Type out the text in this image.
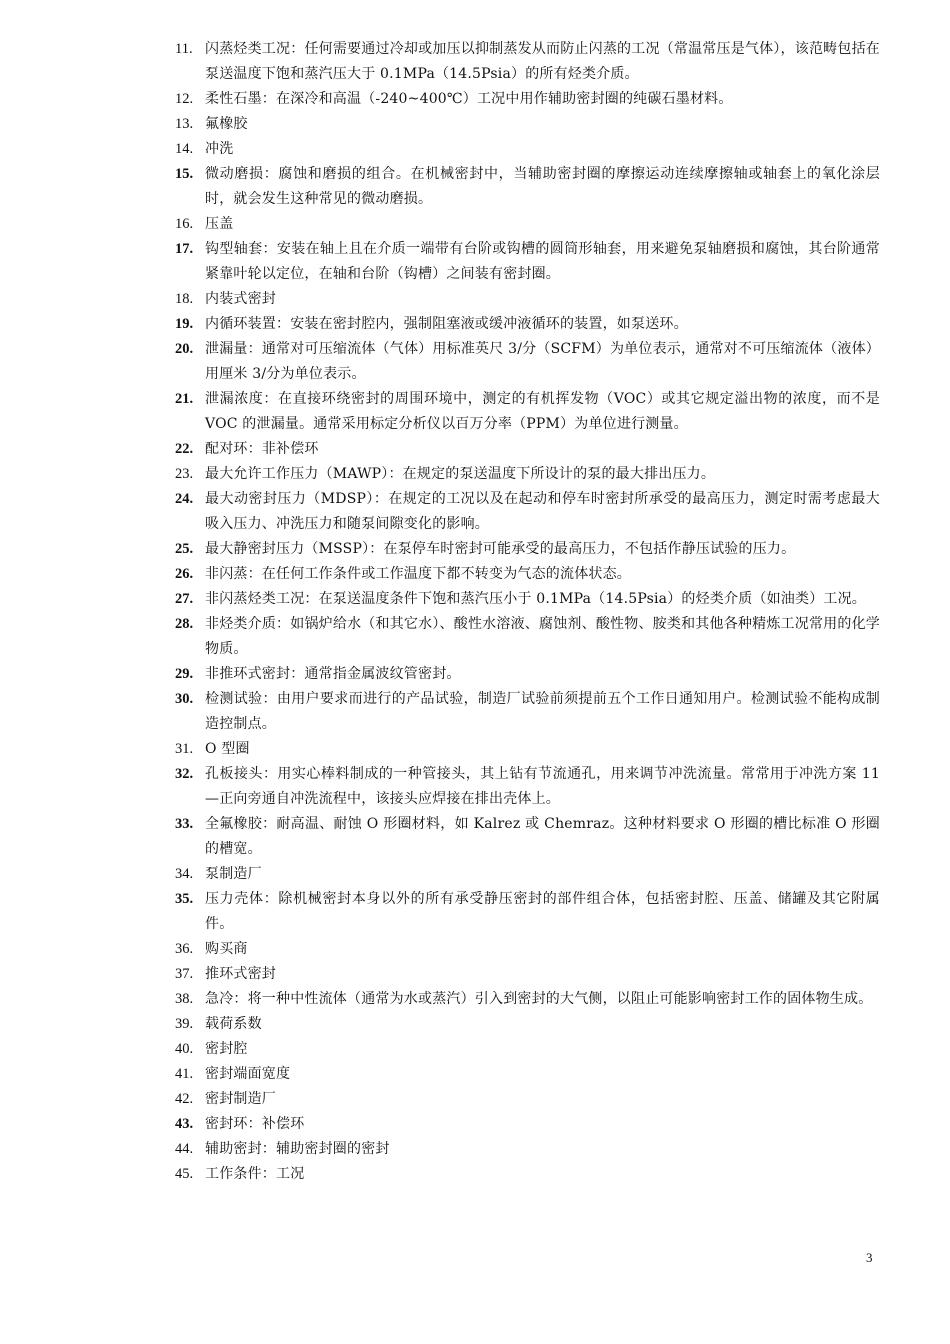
11. 闪蒸烃类工况：任何需要通过冷却或加压以抑制蒸发从而防止闪蒸的工况（常温常压是气体），该范畴包括在泵送温度下饱和蒸汽压大于 0.1MPa（14.5Psia）的所有烃类介质。
12. 柔性石墨：在深冷和高温（-240~400℃）工况中用作辅助密封圈的纯碳石墨材料。
13. 氟橡胶
14. 冲洗
15. 微动磨损：腐蚀和磨损的组合。在机械密封中，当辅助密封圈的摩擦运动连续摩擦轴或轴套上的氧化涂层时，就会发生这种常见的微动磨损。
16. 压盖
17. 钩型轴套：安装在轴上且在介质一端带有台阶或钩槽的圆筒形轴套，用来避免泵轴磨损和腐蚀，其台阶通常紧靠叶轮以定位，在轴和台阶（钩槽）之间装有密封圈。
18. 内装式密封
19. 内循环装置：安装在密封腔内，强制阻塞液或缓冲液循环的装置，如泵送环。
20. 泄漏量：通常对可压缩流体（气体）用标准英尺 3/分（SCFM）为单位表示，通常对不可压缩流体（液体）用厘米 3/分为单位表示。
21. 泄漏浓度：在直接环绕密封的周围环境中，测定的有机挥发物（VOC）或其它规定溢出物的浓度，而不是 VOC 的泄漏量。通常采用标定分析仪以百万分率（PPM）为单位进行测量。
22. 配对环：非补偿环
23. 最大允许工作压力（MAWP）：在规定的泵送温度下所设计的泵的最大排出压力。
24. 最大动密封压力（MDSP）：在规定的工况以及在起动和停车时密封所承受的最高压力，测定时需考虑最大吸入压力、冲洗压力和随泵间隙变化的影响。
25. 最大静密封压力（MSSP）：在泵停车时密封可能承受的最高压力，不包括作静压试验的压力。
26. 非闪蒸：在任何工作条件或工作温度下都不转变为气态的流体状态。
27. 非闪蒸烃类工况：在泵送温度条件下饱和蒸汽压小于 0.1MPa（14.5Psia）的烃类介质（如油类）工况。
28. 非烃类介质：如锅炉给水（和其它水）、酸性水溶液、腐蚀剂、酸性物、胺类和其他各种精炼工况常用的化学物质。
29. 非推环式密封：通常指金属波纹管密封。
30. 检测试验：由用户要求而进行的产品试验，制造厂试验前须提前五个工作日通知用户。检测试验不能构成制造控制点。
31. O 型圈
32. 孔板接头：用实心棒料制成的一种管接头，其上钻有节流通孔，用来调节冲洗流量。常常用于冲洗方案 11—正向旁通自冲洗流程中，该接头应焊接在排出壳体上。
33. 全氟橡胶：耐高温、耐蚀 O 形圈材料，如 Kalrez 或 Chemraz。这种材料要求 O 形圈的槽比标准 O 形圈的槽宽。
34. 泵制造厂
35. 压力壳体：除机械密封本身以外的所有承受静压密封的部件组合体，包括密封腔、压盖、储罐及其它附属件。
36. 购买商
37. 推环式密封
38. 急冷：将一种中性流体（通常为水或蒸汽）引入到密封的大气侧，以阻止可能影响密封工作的固体物生成。
39. 载荷系数
40. 密封腔
41. 密封端面宽度
42. 密封制造厂
43. 密封环：补偿环
44. 辅助密封：辅助密封圈的密封
45. 工作条件：工况
3
